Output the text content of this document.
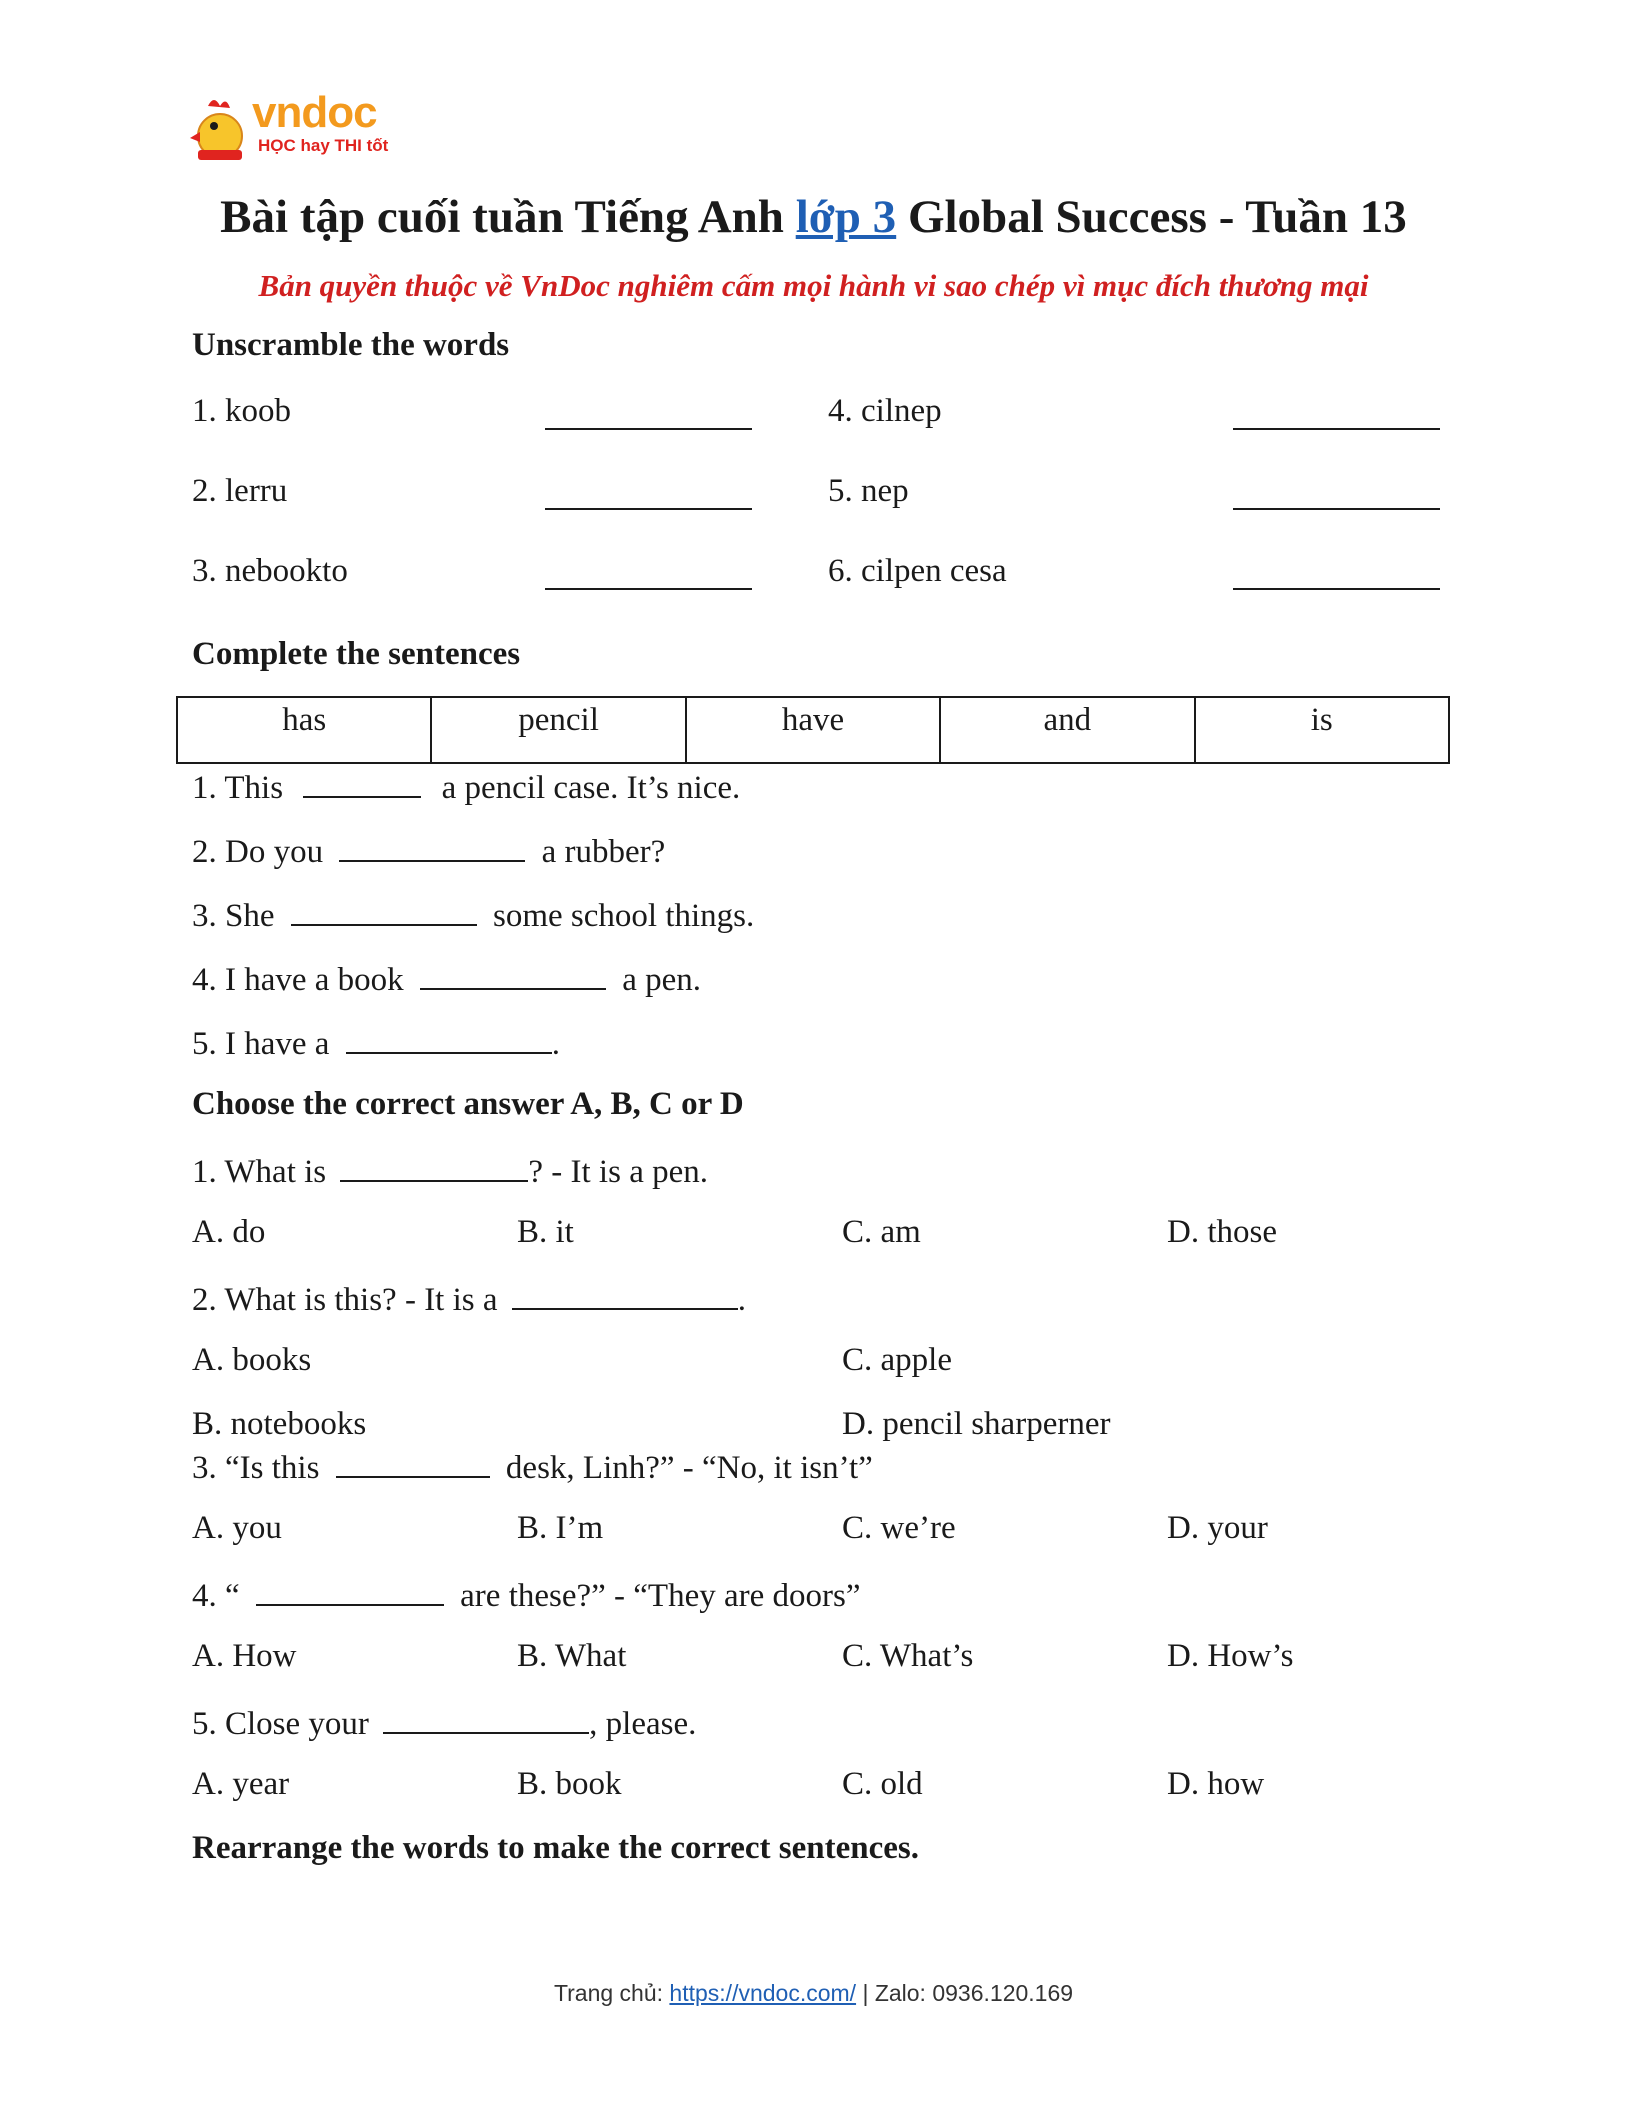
vndoc
HỌC hay THI tốt
Bài tập cuối tuần Tiếng Anh lớp 3 Global Success - Tuần 13
Bản quyền thuộc về VnDoc nghiêm cấm mọi hành vi sao chép vì mục đích thương mại
Unscramble the words
1. koob
2. lerru
3. nebookto
4. cilnep
5. nep
6. cilpen cesa
Complete the sentences
has	pencil	have	and	is
1. This	a pencil case. It’s nice.
2. Do you	a rubber?
3. She	some school things.
4. I have a book	a pen.
5. I have a	.
Choose the correct answer A, B, C or D
1. What is	? - It is a pen.
A. do	B. it	C. am	D. those
2. What is this? - It is a	.
A. books	C. apple
B. notebooks	D. pencil sharperner
3. “Is this	desk, Linh?” - “No, it isn’t”
A. you	B. I’m	C. we’re	D. your
4. “	are these?” - “They are doors”
A. How	B. What	C. What’s	D. How’s
5. Close your	, please.
A. year	B. book	C. old	D. how
Rearrange the words to make the correct sentences.
Trang chủ: https://vndoc.com/ | Zalo: 0936.120.169
